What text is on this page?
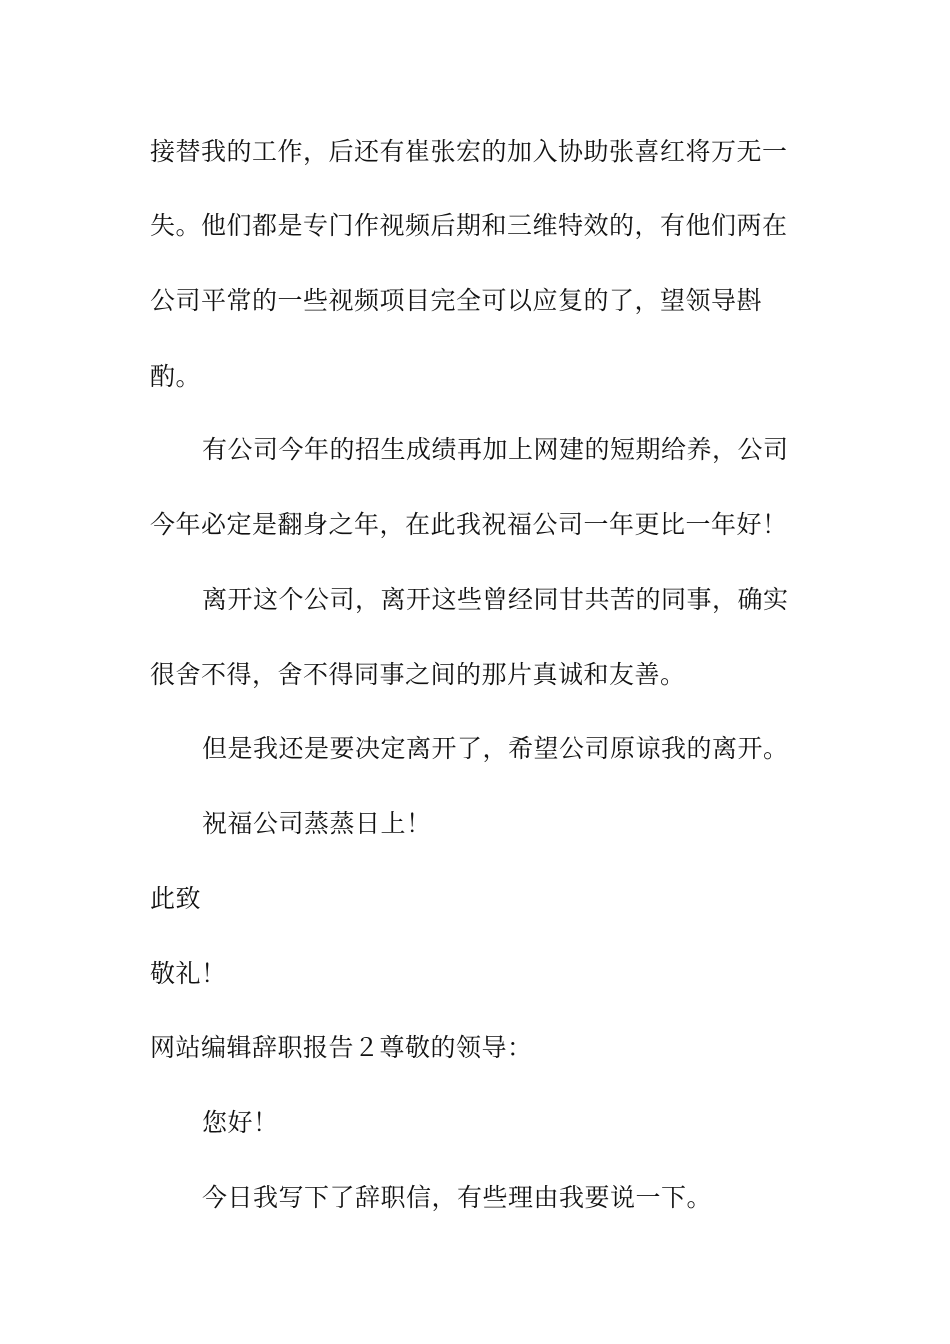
接替我的工作，后还有崔张宏的加入协助张喜红将万无一
失。他们都是专门作视频后期和三维特效的，有他们两在
公司平常的一些视频项目完全可以应复的了，望领导斟
酌。
有公司今年的招生成绩再加上网建的短期给养，公司
今年必定是翻身之年，在此我祝福公司一年更比一年好！
离开这个公司，离开这些曾经同甘共苦的同事，确实
很舍不得，舍不得同事之间的那片真诚和友善。
但是我还是要决定离开了，希望公司原谅我的离开。
祝福公司蒸蒸日上！
此致
敬礼！
网站编辑辞职报告２尊敬的领导：
您好！
今日我写下了辞职信，有些理由我要说一下。
